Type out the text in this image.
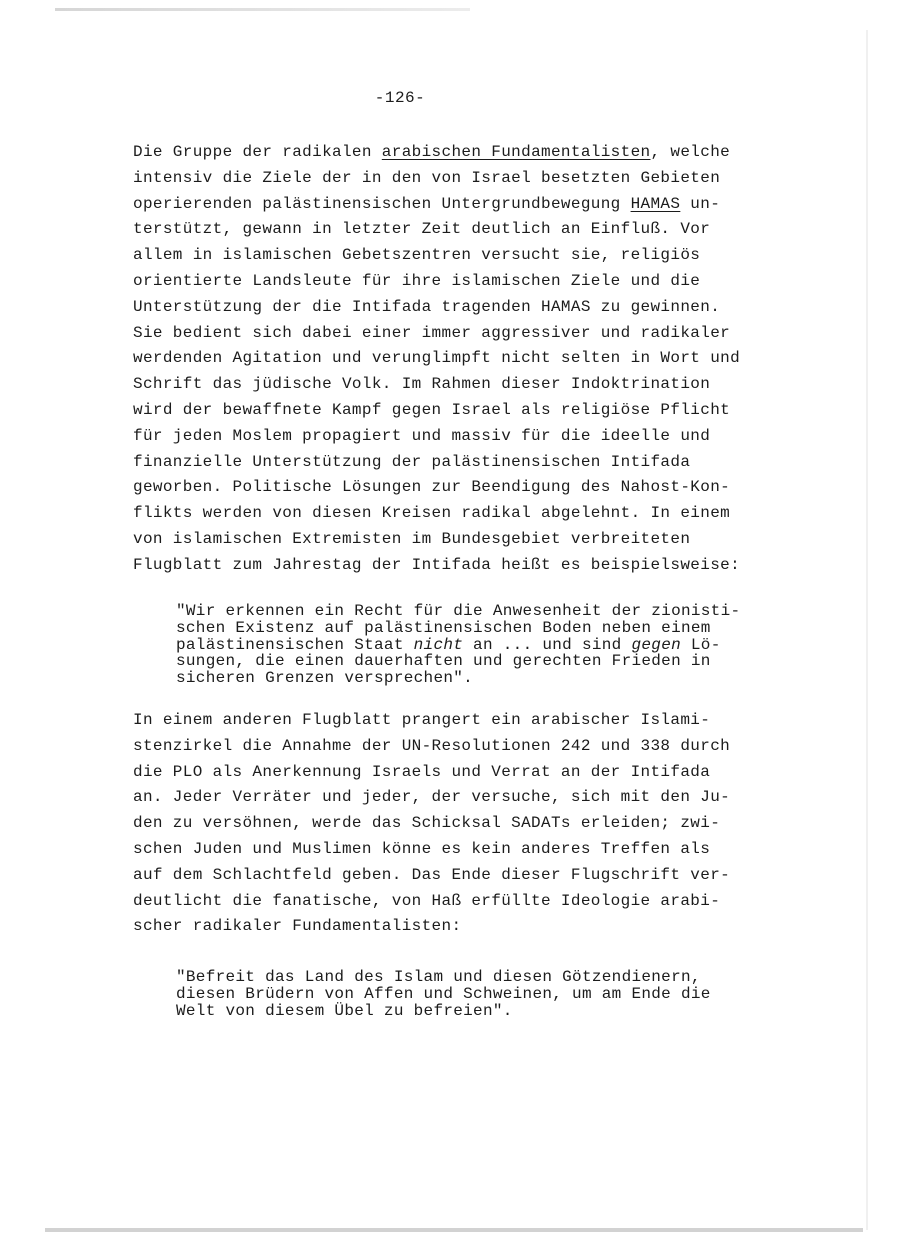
-126-
Die Gruppe der radikalen arabischen Fundamentalisten, welche
intensiv die Ziele der in den von Israel besetzten Gebieten
operierenden palästinensischen Untergrundbewegung HAMAS un-
terstützt, gewann in letzter Zeit deutlich an Einfluß. Vor
allem in islamischen Gebetszentren versucht sie, religiös
orientierte Landsleute für ihre islamischen Ziele und die
Unterstützung der die Intifada tragenden HAMAS zu gewinnen.
Sie bedient sich dabei einer immer aggressiver und radikaler
werdenden Agitation und verunglimpft nicht selten in Wort und
Schrift das jüdische Volk. Im Rahmen dieser Indoktrination
wird der bewaffnete Kampf gegen Israel als religiöse Pflicht
für jeden Moslem propagiert und massiv für die ideelle und
finanzielle Unterstützung der palästinensischen Intifada
geworben. Politische Lösungen zur Beendigung des Nahost-Kon-
flikts werden von diesen Kreisen radikal abgelehnt. In einem
von islamischen Extremisten im Bundesgebiet verbreiteten
Flugblatt zum Jahrestag der Intifada heißt es beispielsweise:
"Wir erkennen ein Recht für die Anwesenheit der zionisti-
schen Existenz auf palästinensischen Boden neben einem
palästinensischen Staat nicht an ... und sind gegen Lö-
sungen, die einen dauerhaften und gerechten Frieden in
sicheren Grenzen versprechen".
In einem anderen Flugblatt prangert ein arabischer Islami-
stenzirkel die Annahme der UN-Resolutionen 242 und 338 durch
die PLO als Anerkennung Israels und Verrat an der Intifada
an. Jeder Verräter und jeder, der versuche, sich mit den Ju-
den zu versöhnen, werde das Schicksal SADATs erleiden; zwi-
schen Juden und Muslimen könne es kein anderes Treffen als
auf dem Schlachtfeld geben. Das Ende dieser Flugschrift ver-
deutlicht die fanatische, von Haß erfüllte Ideologie arabi-
scher radikaler Fundamentalisten:
"Befreit das Land des Islam und diesen Götzendienern,
diesen Brüdern von Affen und Schweinen, um am Ende die
Welt von diesem Übel zu befreien".
